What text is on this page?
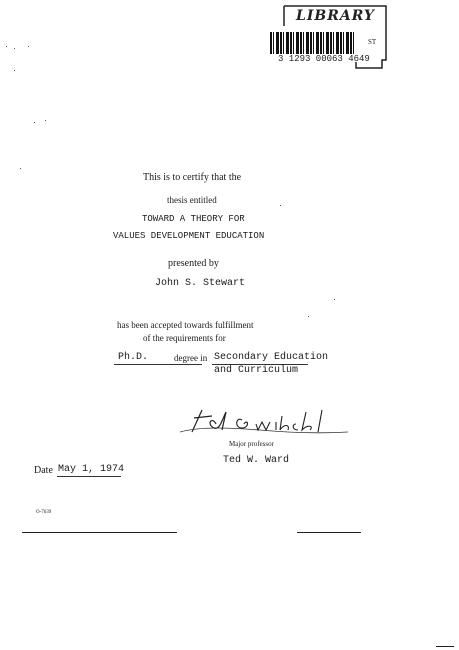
LIBRARY
ST
3 1293 00063 4649
This is to certify that the
thesis entitled
TOWARD A THEORY FOR
VALUES DEVELOPMENT EDUCATION
presented by
John S. Stewart
has been accepted towards fulfillment
of the requirements for
Ph.D.	degree in Secondary Education
and Curriculum
Major professor
Ted W. Ward
Date May 1, 1974
O-7639
